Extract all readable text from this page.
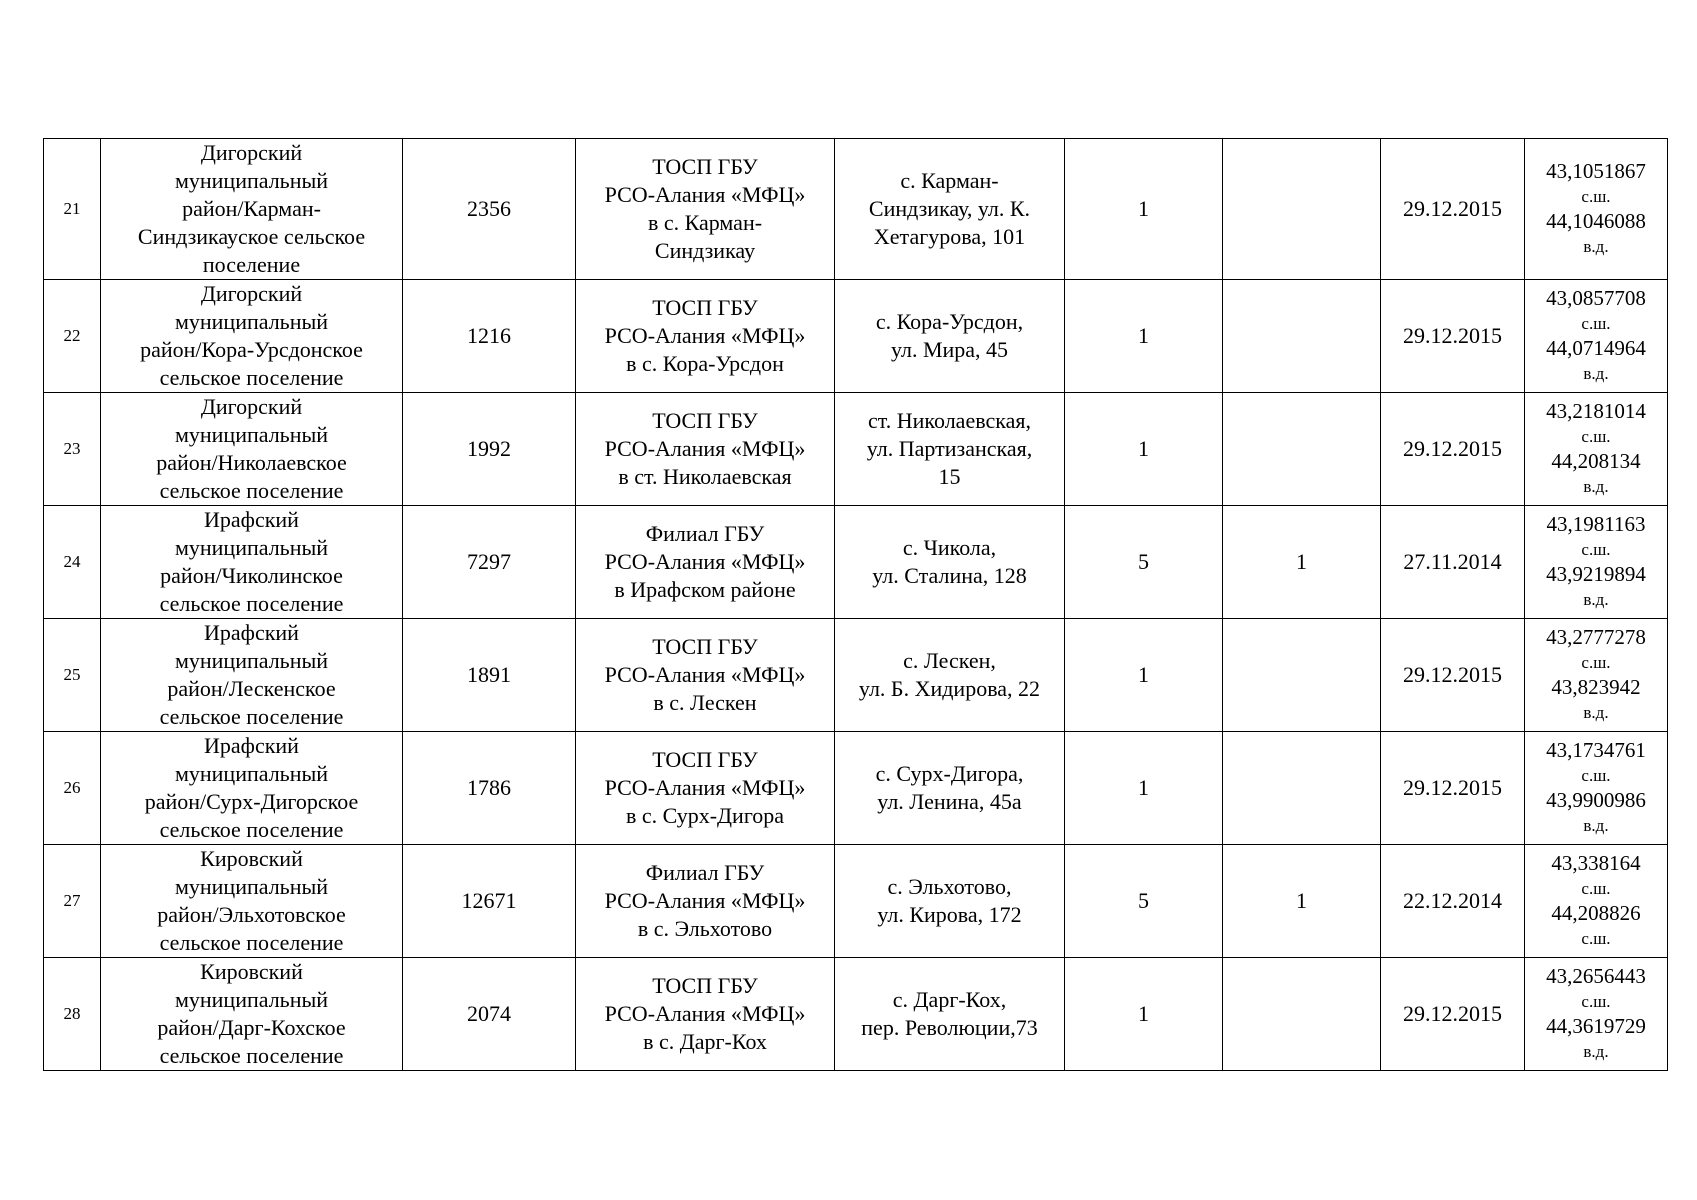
21	Дигорский
муниципальный
район/Карман-
Синдзикауское сельское
поселение	2356	ТОСП ГБУ
РСО-Алания «МФЦ»
в с. Карман-
Синдзикау	с. Карман-
Синдзикау, ул. К.
Хетагурова, 101	1		29.12.2015	43,1051867
с.ш.
44,1046088
в.д.

22	Дигорский
муниципальный
район/Кора-Урсдонское
сельское поселение	1216	ТОСП ГБУ
РСО-Алания «МФЦ»
в с. Кора-Урсдон	с. Кора-Урсдон,
ул. Мира, 45	1		29.12.2015	43,0857708
с.ш.
44,0714964
в.д.

23	Дигорский
муниципальный
район/Николаевское
сельское поселение	1992	ТОСП ГБУ
РСО-Алания «МФЦ»
в ст. Николаевская	ст. Николаевская,
ул. Партизанская,
15	1		29.12.2015	43,2181014
с.ш.
44,208134
в.д.

24	Ирафский
муниципальный
район/Чиколинское
сельское поселение	7297	Филиал ГБУ
РСО-Алания «МФЦ»
в Ирафском районе	с. Чикола,
ул. Сталина, 128	5	1	27.11.2014	43,1981163
с.ш.
43,9219894
в.д.

25	Ирафский
муниципальный
район/Лескенское
сельское поселение	1891	ТОСП ГБУ
РСО-Алания «МФЦ»
в с. Лескен	с. Лескен,
ул. Б. Хидирова, 22	1		29.12.2015	43,2777278
с.ш.
43,823942
в.д.

26	Ирафский
муниципальный
район/Сурх-Дигорское
сельское поселение	1786	ТОСП ГБУ
РСО-Алания «МФЦ»
в с. Сурх-Дигора	с. Сурх-Дигора,
ул. Ленина, 45а	1		29.12.2015	43,1734761
с.ш.
43,9900986
в.д.

27	Кировский
муниципальный
район/Эльхотовское
сельское поселение	12671	Филиал ГБУ
РСО-Алания «МФЦ»
в с. Эльхотово	с. Эльхотово,
ул. Кирова, 172	5	1	22.12.2014	43,338164
с.ш.
44,208826
с.ш.

28	Кировский
муниципальный
район/Дарг-Кохское
сельское поселение	2074	ТОСП ГБУ
РСО-Алания «МФЦ»
в с. Дарг-Кох	с. Дарг-Кох,
пер. Революции,73	1		29.12.2015	43,2656443
с.ш.
44,3619729
в.д.
